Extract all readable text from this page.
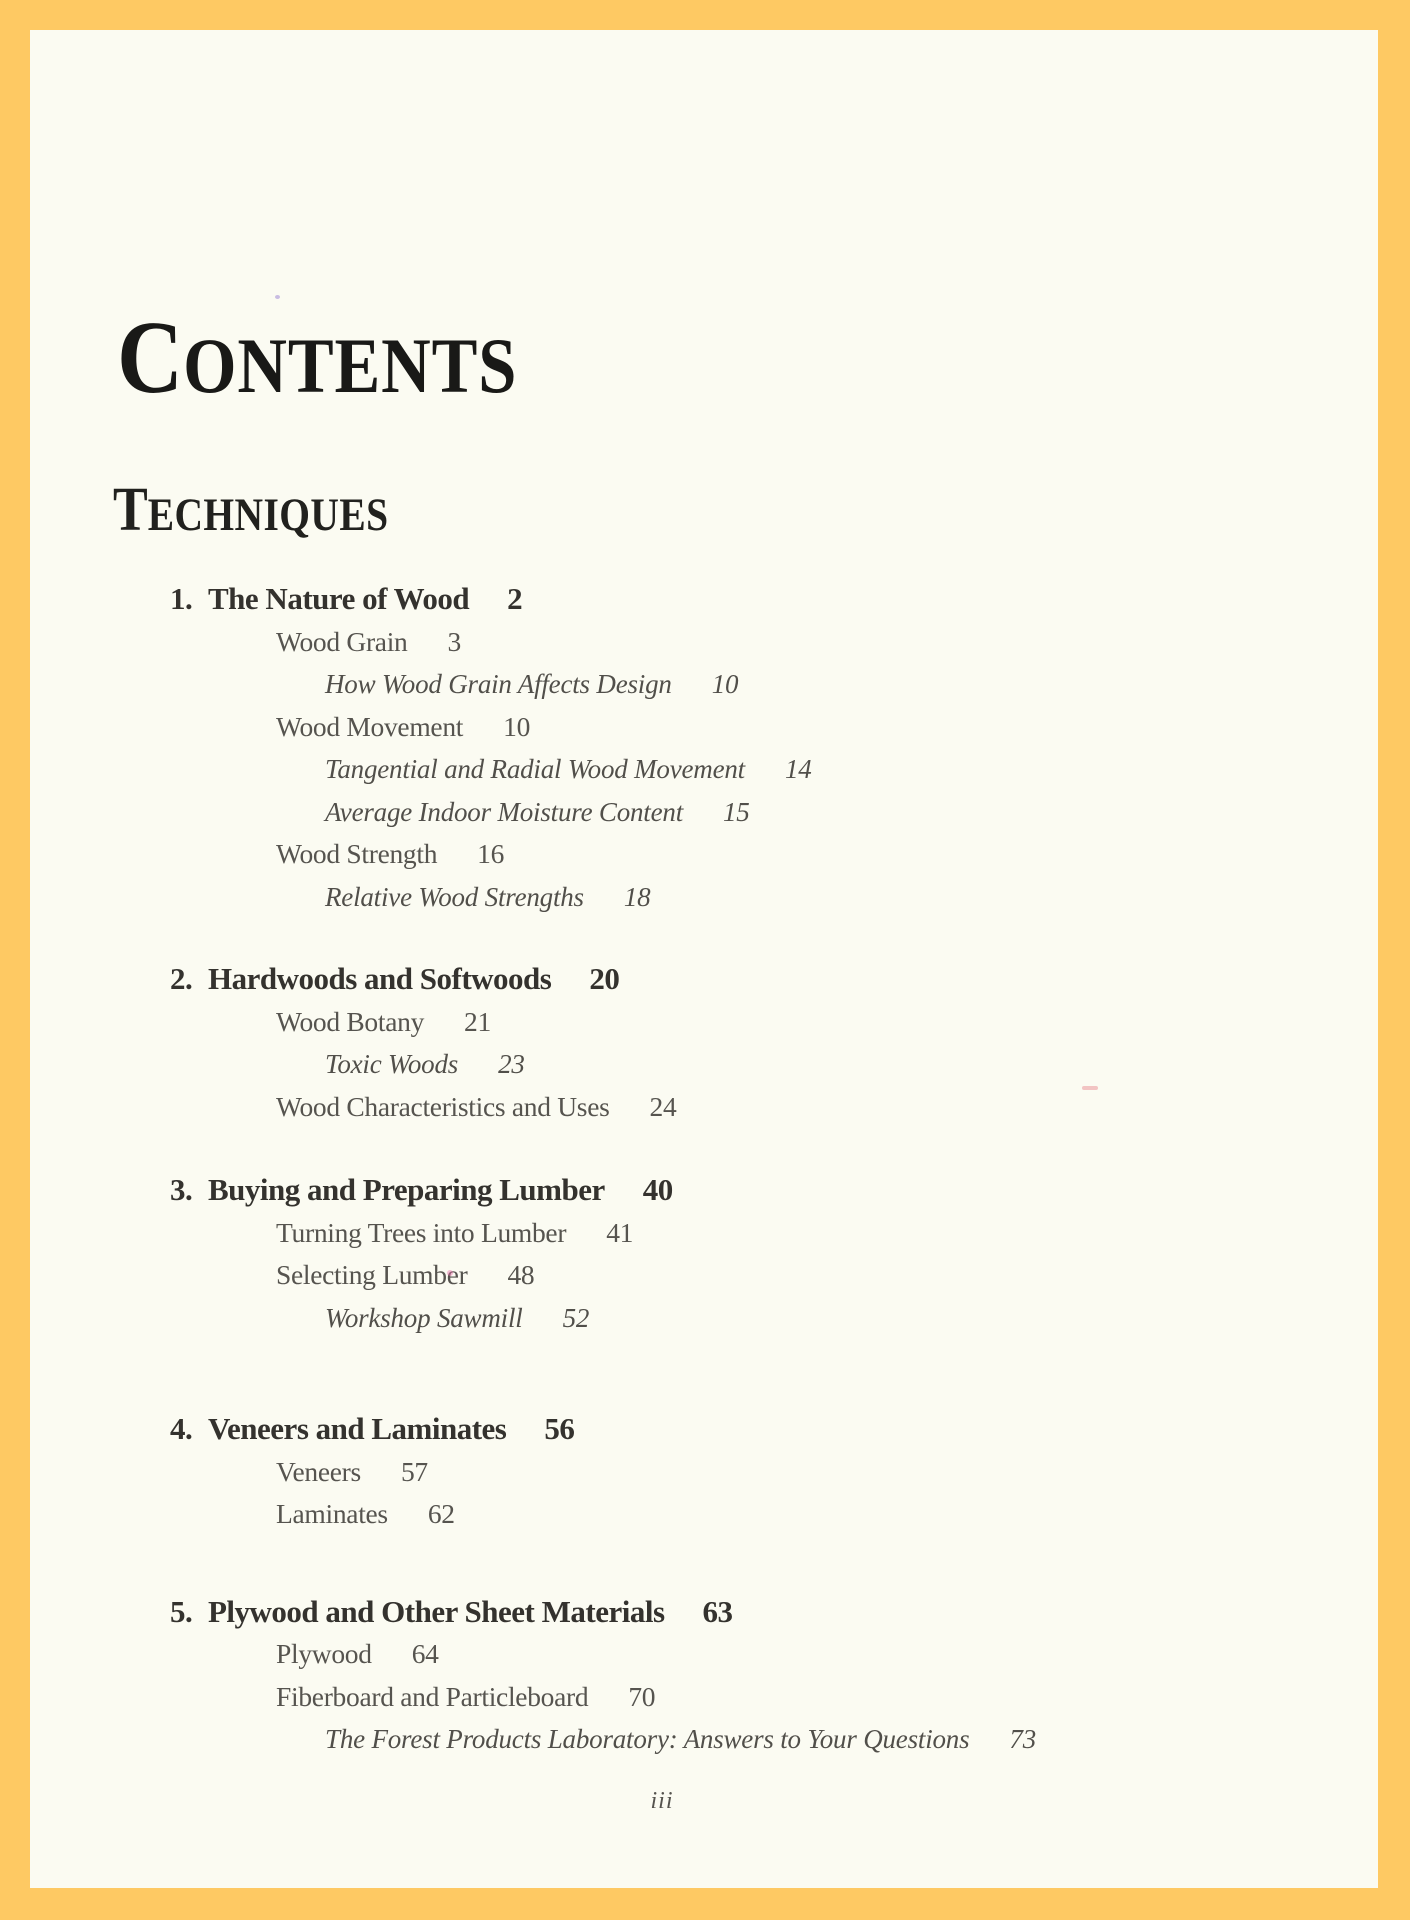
CONTENTS
TECHNIQUES
1. The Nature of Wood 2
Wood Grain 3
How Wood Grain Affects Design 10
Wood Movement 10
Tangential and Radial Wood Movement 14
Average Indoor Moisture Content 15
Wood Strength 16
Relative Wood Strengths 18
2. Hardwoods and Softwoods 20
Wood Botany 21
Toxic Woods 23
Wood Characteristics and Uses 24
3. Buying and Preparing Lumber 40
Turning Trees into Lumber 41
Selecting Lumber 48
Workshop Sawmill 52
4. Veneers and Laminates 56
Veneers 57
Laminates 62
5. Plywood and Other Sheet Materials 63
Plywood 64
Fiberboard and Particleboard 70
The Forest Products Laboratory: Answers to Your Questions 73
iii
